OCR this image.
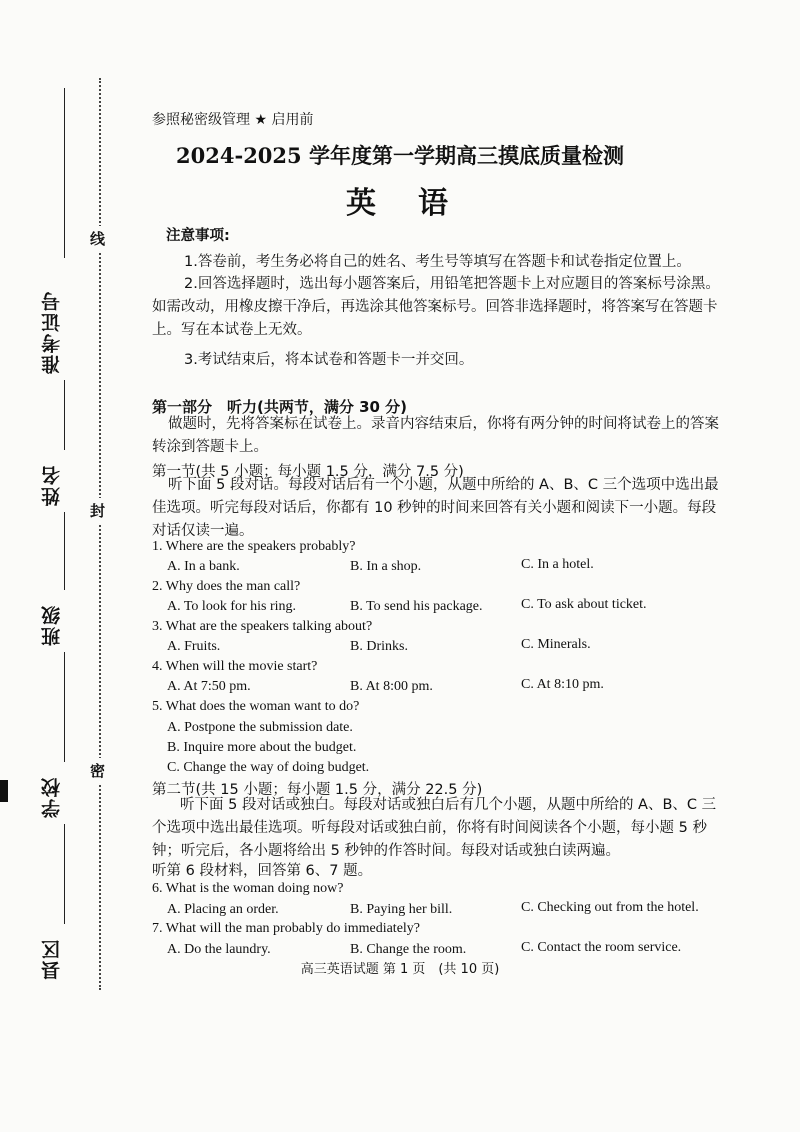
准考证号
姓名
班级
学校
县区
线
封
密
参照秘密级管理 ★ 启用前
2024-2025 学年度第一学期高三摸底质量检测
英　语
注意事项:
1.答卷前，考生务必将自己的姓名、考生号等填写在答题卡和试卷指定位置上。
2.回答选择题时，选出每小题答案后，用铅笔把答题卡上对应题目的答案标号涂黑。如需改动，用橡皮擦干净后，再选涂其他答案标号。回答非选择题时，将答案写在答题卡上。写在本试卷上无效。
3.考试结束后，将本试卷和答题卡一并交回。
第一部分　听力(共两节，满分 30 分)
做题时，先将答案标在试卷上。录音内容结束后，你将有两分钟的时间将试卷上的答案转涂到答题卡上。
第一节(共 5 小题；每小题 1.5 分，满分 7.5 分)
听下面 5 段对话。每段对话后有一个小题，从题中所给的 A、B、C 三个选项中选出最佳选项。听完每段对话后，你都有 10 秒钟的时间来回答有关小题和阅读下一小题。每段对话仅读一遍。
1. Where are the speakers probably?
A. In a bank.	B. In a shop.	C. In a hotel.
2. Why does the man call?
A. To look for his ring.	B. To send his package.	C. To ask about ticket.
3. What are the speakers talking about?
A. Fruits.	B. Drinks.	C. Minerals.
4. When will the movie start?
A. At 7:50 pm.	B. At 8:00 pm.	C. At 8:10 pm.
5. What does the woman want to do?
A. Postpone the submission date.
B. Inquire more about the budget.
C. Change the way of doing budget.
第二节(共 15 小题；每小题 1.5 分，满分 22.5 分)
听下面 5 段对话或独白。每段对话或独白后有几个小题，从题中所给的 A、B、C 三个选项中选出最佳选项。听每段对话或独白前，你将有时间阅读各个小题，每小题 5 秒钟；听完后，各小题将给出 5 秒钟的作答时间。每段对话或独白读两遍。
听第 6 段材料，回答第 6、7 题。
6. What is the woman doing now?
A. Placing an order.	B. Paying her bill.	C. Checking out from the hotel.
7. What will the man probably do immediately?
A. Do the laundry.	B. Change the room.	C. Contact the room service.
高三英语试题 第 1 页　(共 10 页)
